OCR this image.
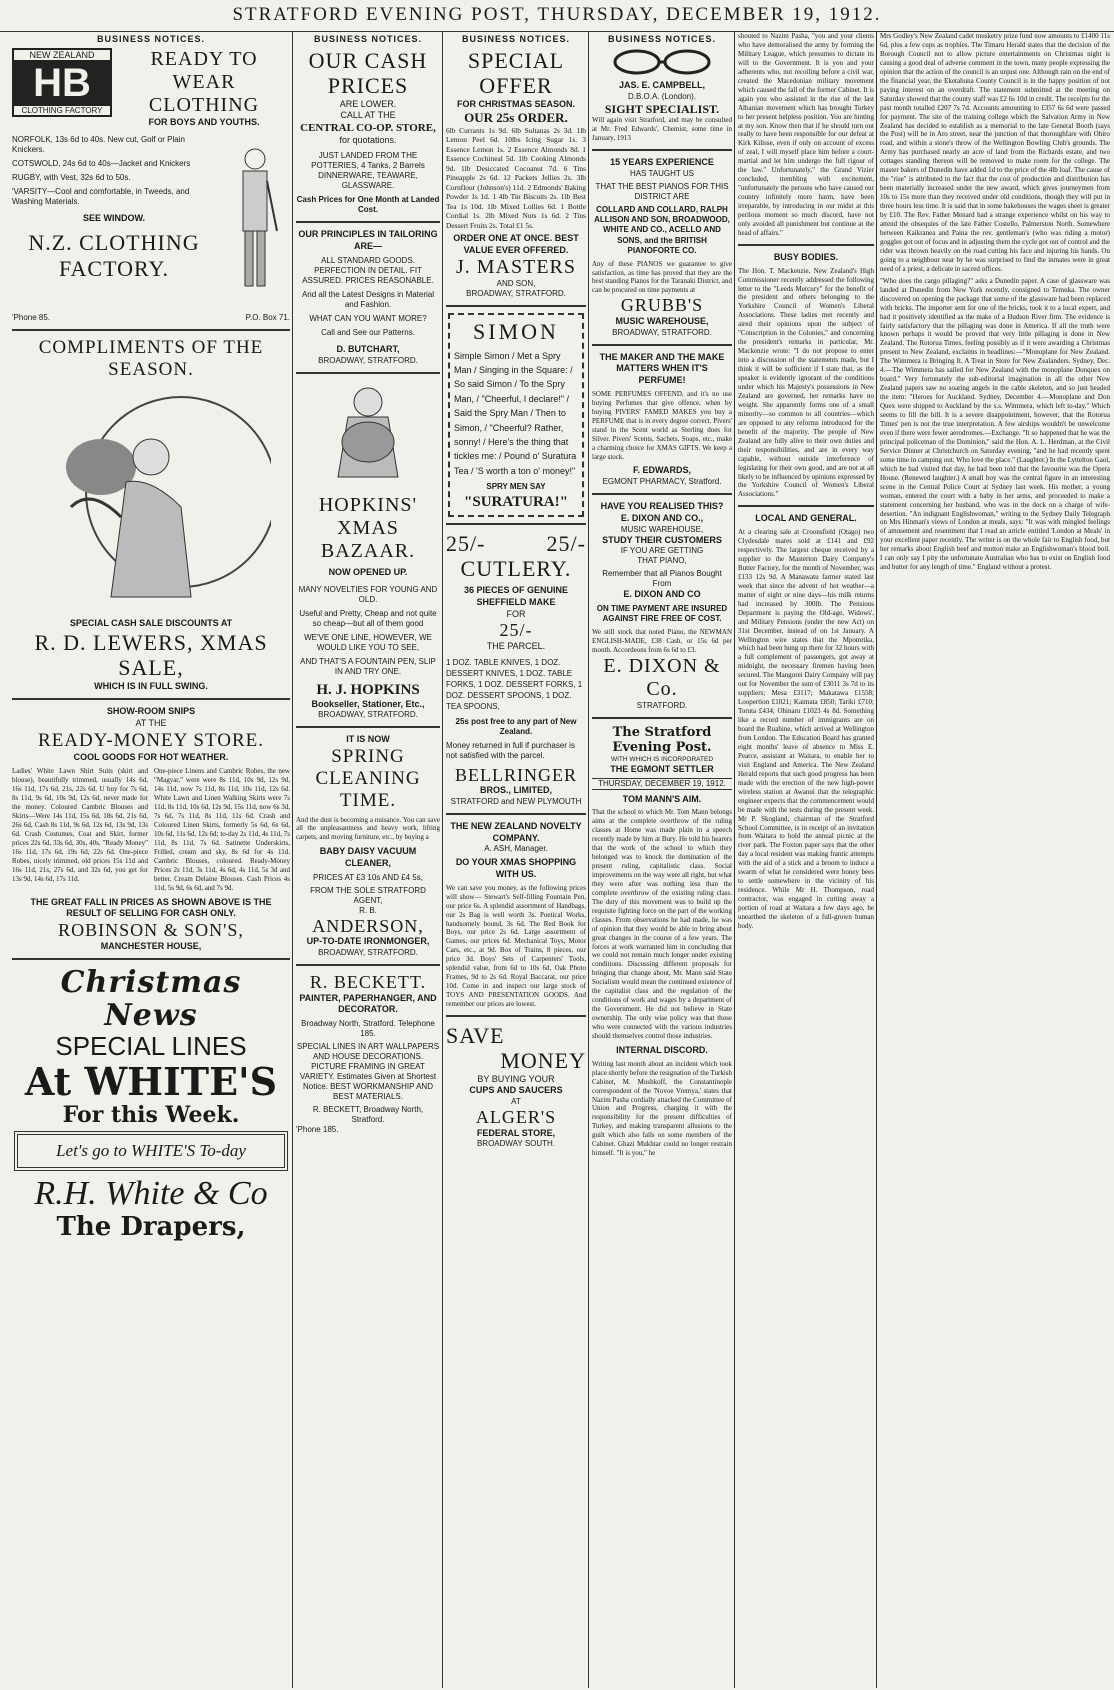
STRATFORD EVENING POST, THURSDAY, DECEMBER 19, 1912.
BUSINESS NOTICES.
NEW ZEALAND
HB
CLOTHING FACTORY
READY TO WEAR CLOTHING
FOR BOYS AND YOUTHS.
NORFOLK, 13s 6d to 40s. New cut, Golf or Plain Knickers.
COTSWOLD, 24s 6d to 40s—Jacket and Knickers
RUGBY, with Vest, 32s 6d to 50s.
'VARSITY—Cool and comfortable, in Tweeds, and Washing Materials.
SEE WINDOW.
N.Z. CLOTHING FACTORY.
'Phone 85.	P.O. Box 71.
COMPLIMENTS OF THE SEASON.
SPECIAL CASH SALE DISCOUNTS AT
R. D. LEWERS, XMAS SALE,
WHICH IS IN FULL SWING.
SHOW-ROOM SNIPS
AT THE
READY-MONEY STORE.
COOL GOODS FOR HOT WEATHER.
Ladies' White Lawn Shirt Suits (skirt and blouse), beautifully trimmed, usually 14s 6d, 16s 11d, 17s 6d, 21s, 22s 6d. U buy for 7s 6d, 8s 11d, 9s 6d, 10s 9d, 12s 6d, never made for the money. Coloured Cambric Blouses and Skirts—Were 14s 11d, 15s 6d, 18s 6d, 21s 6d, 26s 6d, Cash 8s 11d, 9s 6d, 12s 6d, 13s 9d, 13s 6d. Crash Costumes, Coat and Skirt, former prices 22s 6d, 33s 6d, 30s, 40s. "Ready Money" 16s 11d, 17s 6d, 19s 6d, 22s 6d. One-piece Robes, nicely trimmed, old prices 15s 11d and 16s 11d, 21s, 27s 6d, and 32s 6d, you get for 13s 9d, 14s 6d, 17s 11d.
One-piece Linens and Cambric Robes, the new "Magyar," were were 8s 11d, 10s 9d, 12s 9d, 14s 11d, now 7s 11d, 8s 11d, 10s 11d, 12s 6d. White Lawn and Linen Walking Skirts were 7s 11d, 8s 11d, 10s 6d, 12s 9d, 15s 11d, now 6s 3d, 7s 6d, 7s 11d, 8s 11d, 11s 6d. Crash and Coloured Linen Skirts, formerly 5s 6d, 6s 6d, 10s 6d, 11s 6d, 12s 6d; to-day 2s 11d, 4s 11d, 7s 11d, 8s 11d, 7s 6d. Satinette Underskirts, Frilled, cream and sky, 8s 6d for 4s 11d. Cambric Blouses, coloured. Ready-Money Prices 2s 11d, 3s 11d, 4s 6d, 4s 11d, 5s 3d and better. Cream Delaine Blouses. Cash Prices 4s 11d, 5s 9d, 6s 6d, and 7s 9d.
THE GREAT FALL IN PRICES AS SHOWN ABOVE IS THE RESULT OF SELLING FOR CASH ONLY.
ROBINSON & SON'S,
MANCHESTER HOUSE,
Christmas News
SPECIAL LINES
At WHITE'S
For this Week.
Let's go to WHITE'S To-day
R.H. White & Co
The Drapers,
BUSINESS NOTICES.
OUR CASH PRICES
ARE LOWER.
CALL AT THE
CENTRAL CO-OP. STORE,
for quotations.
JUST LANDED FROM THE POTTERIES, 4 Tanks, 2 Barrels DINNERWARE, TEAWARE, GLASSWARE.
Cash Prices for One Month at Landed Cost.
OUR PRINCIPLES IN TAILORING ARE—
ALL STANDARD GOODS. PERFECTION IN DETAIL. FIT ASSURED. PRICES REASONABLE.
And all the Latest Designs in Material and Fashion.
WHAT CAN YOU WANT MORE?
Call and See our Patterns.
D. BUTCHART,
BROADWAY, STRATFORD.
HOPKINS' XMAS BAZAAR.
NOW OPENED UP.
MANY NOVELTIES FOR YOUNG AND OLD.
Useful and Pretty, Cheap and not quite so cheap—but all of them good
WE'VE ONE LINE, HOWEVER, WE WOULD LIKE YOU TO SEE,
AND THAT'S A FOUNTAIN PEN, SLIP IN AND TRY ONE.
H. J. HOPKINS
Bookseller, Stationer, Etc.,
BROADWAY, STRATFORD.
IT IS NOW
SPRING CLEANING TIME.
And the dust is becoming a nuisance. You can save all the unpleasantness and heavy work, lifting carpets, and moving furniture, etc., by buying a
BABY DAISY VACUUM CLEANER,
PRICES AT £3 10s AND £4 5s,
FROM THE SOLE STRATFORD AGENT,
R. B.
ANDERSON,
UP-TO-DATE IRONMONGER,
BROADWAY, STRATFORD.
R. BECKETT.
PAINTER, PAPERHANGER, AND DECORATOR.
Broadway North, Stratford. Telephone 185.
SPECIAL LINES IN ART WALLPAPERS AND HOUSE DECORATIONS. PICTURE FRAMING IN GREAT VARIETY. Estimates Given at Shortest Notice. BEST WORKMANSHIP AND BEST MATERIALS.
R. BECKETT, Broadway North, Stratford.
'Phone 185.
BUSINESS NOTICES.
SPECIAL OFFER
FOR CHRISTMAS SEASON.
OUR 25s ORDER.
6lb Currants 1s 9d. 6lb Sultanas 2s 3d. 1lb Lemon Peel 6d. 10lbs Icing Sugar 1s. 3 Essence Lemon 1s. 2 Essence Almonds 8d. 1 Essence Cochineal 5d. 1lb Cooking Almonds 9d. 1lb Desiccated Cocoanut 7d. 6 Tins Pineapple 2s 6d. 12 Packets Jellies 2s. 3lb Cornflour (Johnson's) 11d. 2 Edmonds' Baking Powder 1s 1d. 1 4lb Tin Biscuits 2s. 1lb Best Tea 1s 10d. 1lb Mixed Lollies 6d. 1 Bottle Cordial 1s. 2lb Mixed Nuts 1s 6d. 2 Tins Dessert Fruits 2s. Total £1 5s.
ORDER ONE AT ONCE. BEST VALUE EVER OFFERED.
J. MASTERS
AND SON,
BROADWAY, STRATFORD.
SIMON
Simple Simon / Met a Spry Man / Singing in the Square: / So said Simon / To the Spry Man, / "Cheerful, I declare!" / Said the Spry Man / Then to Simon, / "Cheerful? Rather, sonny! / Here's the thing that tickles me: / Pound o' Suratura Tea / 'S worth a ton o' money!"
SPRY MEN SAY
"SURATURA!"
25/-	25/-
CUTLERY.
36 PIECES OF GENUINE SHEFFIELD MAKE
FOR
25/-
THE PARCEL.
1 DOZ. TABLE KNIVES, 1 DOZ. DESSERT KNIVES, 1 DOZ. TABLE FORKS, 1 DOZ. DESSERT FORKS, 1 DOZ. DESSERT SPOONS, 1 DOZ. TEA SPOONS,
25s post free to any part of New Zealand.
Money returned in full if purchaser is not satisfied with the parcel.
BELLRINGER
BROS., LIMITED,
STRATFORD and NEW PLYMOUTH
THE NEW ZEALAND NOVELTY COMPANY.
A. ASH, Manager.
DO YOUR XMAS SHOPPING WITH US.
We can save you money, as the following prices will show— Stewart's Self-filling Fountain Pen, our price 6s. A splendid assortment of Handbags, our 2s Bag is well worth 3s. Poetical Works, handsomely bound, 3s 6d. The Red Book for Boys, our price 2s 6d. Large assortment of Games, our prices 6d. Mechanical Toys, Motor Cars, etc., at 9d. Box of Trains, 8 pieces, our price 3d. Boys' Sets of Carpenters' Tools, splendid value, from 6d to 10s 6d. Oak Photo Frames, 9d to 2s 6d. Royal Baccarat, our price 10d. Come in and inspect our large stock of TOYS AND PRESENTATION GOODS. And remember our prices are lowest.
SAVE
MONEY
BY BUYING YOUR
CUPS AND SAUCERS
AT
ALGER'S
FEDERAL STORE,
BROADWAY SOUTH.
BUSINESS NOTICES.
JAS. E. CAMPBELL,
D.B.O.A. (London).
SIGHT SPECIALIST.
Will again visit Stratford, and may be consulted at Mr. Fred Edwards', Chemist, some time in January, 1913
15 YEARS EXPERIENCE
HAS TAUGHT US
THAT THE BEST PIANOS FOR THIS DISTRICT ARE
COLLARD AND COLLARD, RALPH ALLISON AND SON, BROADWOOD, WHITE AND CO., ACELLO AND SONS, and the BRITISH PIANOFORTE CO.
Any of these PIANOS we guarantee to give satisfaction, as time has proved that they are the best standing Pianos for the Taranaki District, and can be procured on time payments at
GRUBB'S
MUSIC WAREHOUSE,
BROADWAY, STRATFORD.
THE MAKER AND THE MAKE MATTERS WHEN IT'S PERFUME!
SOME PERFUMES OFFEND, and it's no use buying Perfumes that give offence, when by buying PIVERS' FAMED MAKES you buy a PERFUME that is in every degree correct. Pivers' stand in the Scent world as Sterling does for Silver. Pivers' Scents, Sachets, Soaps, etc., make a charming choice for XMAS GIFTS. We keep a large stock.
F. EDWARDS,
EGMONT PHARMACY, Stratford.
HAVE YOU REALISED THIS?
E. DIXON AND CO.,
MUSIC WAREHOUSE,
STUDY THEIR CUSTOMERS
IF YOU ARE GETTING
THAT PIANO,
Remember that all Pianos Bought From
E. DIXON AND CO
ON TIME PAYMENT ARE INSURED AGAINST FIRE FREE OF COST.
We still stock that noted Piano, the NEWMAN ENGLISH-MADE, £38 Cash, or 15s 6d per month. Accordeons from 6s 6d to £3.
E. DIXON & Co.
STRATFORD.
The Stratford Evening Post.
WITH WHICH IS INCORPORATED
THE EGMONT SETTLER
THURSDAY, DECEMBER 19, 1912.
TOM MANN'S AIM.
That the school to which Mr. Tom Mann belongs aims at the complete overthrow of the ruling classes at Home was made plain in a speech recently made by him at Bury. He told his hearers that the work of the school to which they belonged was to knock the domination of the present ruling, capitalistic class. Social improvements on the way were all right, but what they were after was nothing less than the complete overthrow of the existing ruling class. The duty of this movement was to build up the requisite fighting force on the part of the working classes. From observations he had made, he was of opinion that they would be able to bring about great changes in the course of a few years. The forces at work warranted him in concluding that we could not remain much longer under existing conditions. Discussing different proposals for bringing that change about, Mr. Mann said State Socialism would mean the continued existence of the capitalist class and the regulation of the conditions of work and wages by a department of the Government. He did not believe in State ownership. The only wise policy was that those who were connected with the various industries should themselves control those industries.
INTERNAL DISCORD.
Writing last month about an incident which took place shortly before the resignation of the Turkish Cabinet, M. Mushkoff, the Constantinople correspondent of the 'Novoe Vremya,' states that Nazim Pasha cordially attacked the Committee of Union and Progress, charging it with the responsibility for the present difficulties of Turkey, and making transparent allusions to the guilt which also falls on some members of the Cabinet. Ghazi Mukhtar could no longer restrain himself. "It is you," he
shouted to Nazim Pasha, "you and your clients who have demoralised the army by forming the Military League, which presumes to dictate its will to the Government. It is you and your adherents who, not recoiling before a civil war, created the Macedonian military movement which caused the fall of the former Cabinet. It is again you who assisted in the rise of the last Albanian movement which has brought Turkey to her present helpless position. You are hinting at my son. Know then that if he should turn out really to have been responsible for our defeat at Kirk Kilisse, even if only on account of excess of zeal, I will myself place him before a court-martial and let him undergo the full rigour of the law." Unfortunately," the Grand Vizier concluded, trembling with excitement, "unfortunately the persons who have caused our country infinitely more harm, have been irreparable, by introducing in our midst at this perilous moment so much discord, have not only avoided all punishment but continue at the head of affairs."
BUSY BODIES.
The Hon. T. Mackenzie, New Zealand's High Commissioner recently addressed the following letter to the "Leeds Mercury" for the benefit of the president and others belonging to the Yorkshire Council of Women's Liberal Associations. These ladies met recently and aired their opinions upon the subject of "Conscription in the Colonies," and concerning the president's remarks in particular, Mr. Mackenzie wrote: "I do not propose to enter into a discussion of the statements made, but I think it will be sufficient if I state that, as the speaker is evidently ignorant of the conditions under which his Majesty's possessions in New Zealand are governed, her remarks have no weight. She apparently forms one of a small minority—so common to all countries—which are opposed to any reforms introduced for the benefit of the majority. The people of New Zealand are fully alive to their own duties and their responsibilities, and are in every way capable, without outside interference of legislating for their own good, and are not at all likely to be influenced by opinions expressed by the Yorkshire Council of Women's Liberal Associations."
LOCAL AND GENERAL.
At a clearing sale at Croonsfield (Otago) two Clydesdale mares sold at £141 and £92 respectively. The largest cheque received by a supplier to the Masterton Dairy Company's Butter Factory, for the month of November, was £133 12s 9d. A Manawatu farmer stated last week that since the advent of hot weather—a matter of eight or nine days—his milk returns had increased by 300lb. The Pensions Department is paying the Old-age, Widows', and Military Pensions (under the new Act) on 31st December, instead of on 1st January. A Wellington wire states that the Mpomrika, which had been hung up there for 32 hours with a full complement of passengers, got away at midnight, the necessary firemen having been secured. The Mangorei Dairy Company will pay out for November the sum of £3011 3s 7d to its suppliers; Mesa £3117; Makatawa £1558; Loopertion £1021; Kaimata £850; Tariki £710; Toruta £434; Ohinaru £1023 4s 8d. Something like a record number of immigrants are on board the Ruahine, which arrived at Wellington from London. The Education Board has granted eight months' leave of absence to Miss E. Pearce, assistant at Waitara, to enable her to visit England and America. The New Zealand Herald reports that such good progress has been made with the erection of the new high-power wireless station at Awanui that the telegraphic engineer expects that the commencement would be made with the tests during the present week. Mr P. Skogland, chairman of the Stratford School Committee, is in receipt of an invitation from Waitara to hold the annual picnic at the river park. The Foxton paper says that the other day a local resident was making frantic attempts with the aid of a stick and a broom to induce a swarm of what he considered were honey bees to settle somewhere in the vicinity of his residence. While Mr H. Thompson, road contractor, was engaged in cutting away a portion of road at Waitara a few days ago, he unearthed the skeleton of a full-grown human body.
Mrs Godley's New Zealand cadet musketry prize fund now amounts to £1400 11s 6d, plus a few cups as trophies. The Timaru Herald states that the decision of the Borough Council not to allow picture entertainments on Christmas night is causing a good deal of adverse comment in the town, many people expressing the opinion that the action of the council is an unjust one. Although rain on the end of the financial year, the Eketahuna County Council is in the happy position of not paying interest on an overdraft. The statement submitted at the meeting on Saturday showed that the county staff was £2 6s 10d in credit. The receipts for the past month totalled £207 7s 7d. Accounts amounting to £357 6s 6d were passed for payment. The site of the training college which the Salvation Army in New Zealand has decided to establish as a memorial to the late General Booth (says the Post) will be in Aro street, near the junction of that thoroughfare with Ohiro road, and within a stone's throw of the Wellington Bowling Club's grounds. The Army has purchased nearly an acre of land from the Richards estate, and two cottages standing thereon will be removed to make room for the college. The master bakers of Dunedin have added 1d to the price of the 4lb loaf. The cause of the "rise" is attributed to the fact that the cost of production and distribution has been materially increased under the new award, which gives journeymen from 10s to 15s more than they received under old conditions, though they will put in three hours less time. It is said that in some bakehouses the wages sheet is greater by £10. The Rev. Father Menard had a strange experience whilst on his way to attend the obsequies of the late Father Costello, Palmerston North. Somewhere between Kaikranea and Paina the rev. gentleman's (who was riding a motor) goggles got out of focus and in adjusting them the cycle got out of control and the rider was thrown heavily on the road cutting his face and injuring his hands. On going to a neighbour near by he was surprised to find the inmates were in great need of a priest, a delicate in sacred offices.
"Who does the cargo pillaging?" asks a Dunedin paper. A case of glassware was landed at Dunedin from New York recently, consigned to Temuka. The owner discovered on opening the package that some of the glassware had been replaced with bricks. The importer sent for one of the bricks, took it to a local expert, and had it positively identified as the make of a Hudson River firm. The evidence is fairly satisfactory that the pillaging was done in America. If all the truth were known perhaps it would be proved that very little pillaging is done in New Zealand. The Rotorua Times, feeling possibly as if it were awarding a Christmas present to New Zealand, exclaims in headlines:—"Monoplane for New Zealand. The Wimmera is Bringing It. A Treat in Store for New Zealanders. Sydney, Dec. 4.—The Wimmera has sailed for New Zealand with the monoplane Donquex on board." Very fortunately the sub-editorial imagination in all the other New Zealand papers saw no soaring angels in the cable skeleton, and so just headed the item: "Heroes for Auckland. Sydney, December 4.—Monoplane and Don Quex were shipped to Auckland by the s.s. Wimmera, which left to-day." Which seems to fill the bill. It is a severe disappointment, however, that the Rotorua Times' pen is not the true interpretation. A few airships wouldn't be unwelcome even if there were fewer aerodromes.—Exchange. "It so happened that he was the principal policeman of the Dominion," said the Hon. A. L. Herdman, at the Civil Service Dinner at Christchurch on Saturday evening, "and he had recently spent some time in camping out. Who love the place." (Laughter.) In the Lyttelton Gaol, which he had visited that day, he had been told that the favourite was the Opera House. (Renewed laughter.) A small boy was the central figure in an interesting scene in the Central Police Court at Sydney last week. His mother, a young woman, entered the court with a baby in her arms, and proceeded to make a statement concerning her husband, who was in the dock on a charge of wife-desertion. "An indignant Englishwoman," writing to the Sydney Daily Telegraph on Mrs Hinman's views of London at meals, says: "It was with mingled feelings of amusement and resentment that I read an article entitled 'London at Meals' in your excellent paper recently. The writer is on the whole fair to English food, but her remarks about English beef and mutton make an Englishwoman's blood boil. I can only say I pity the unfortunate Australian who has to exist on English food and butter for any length of time." England without a protest.
